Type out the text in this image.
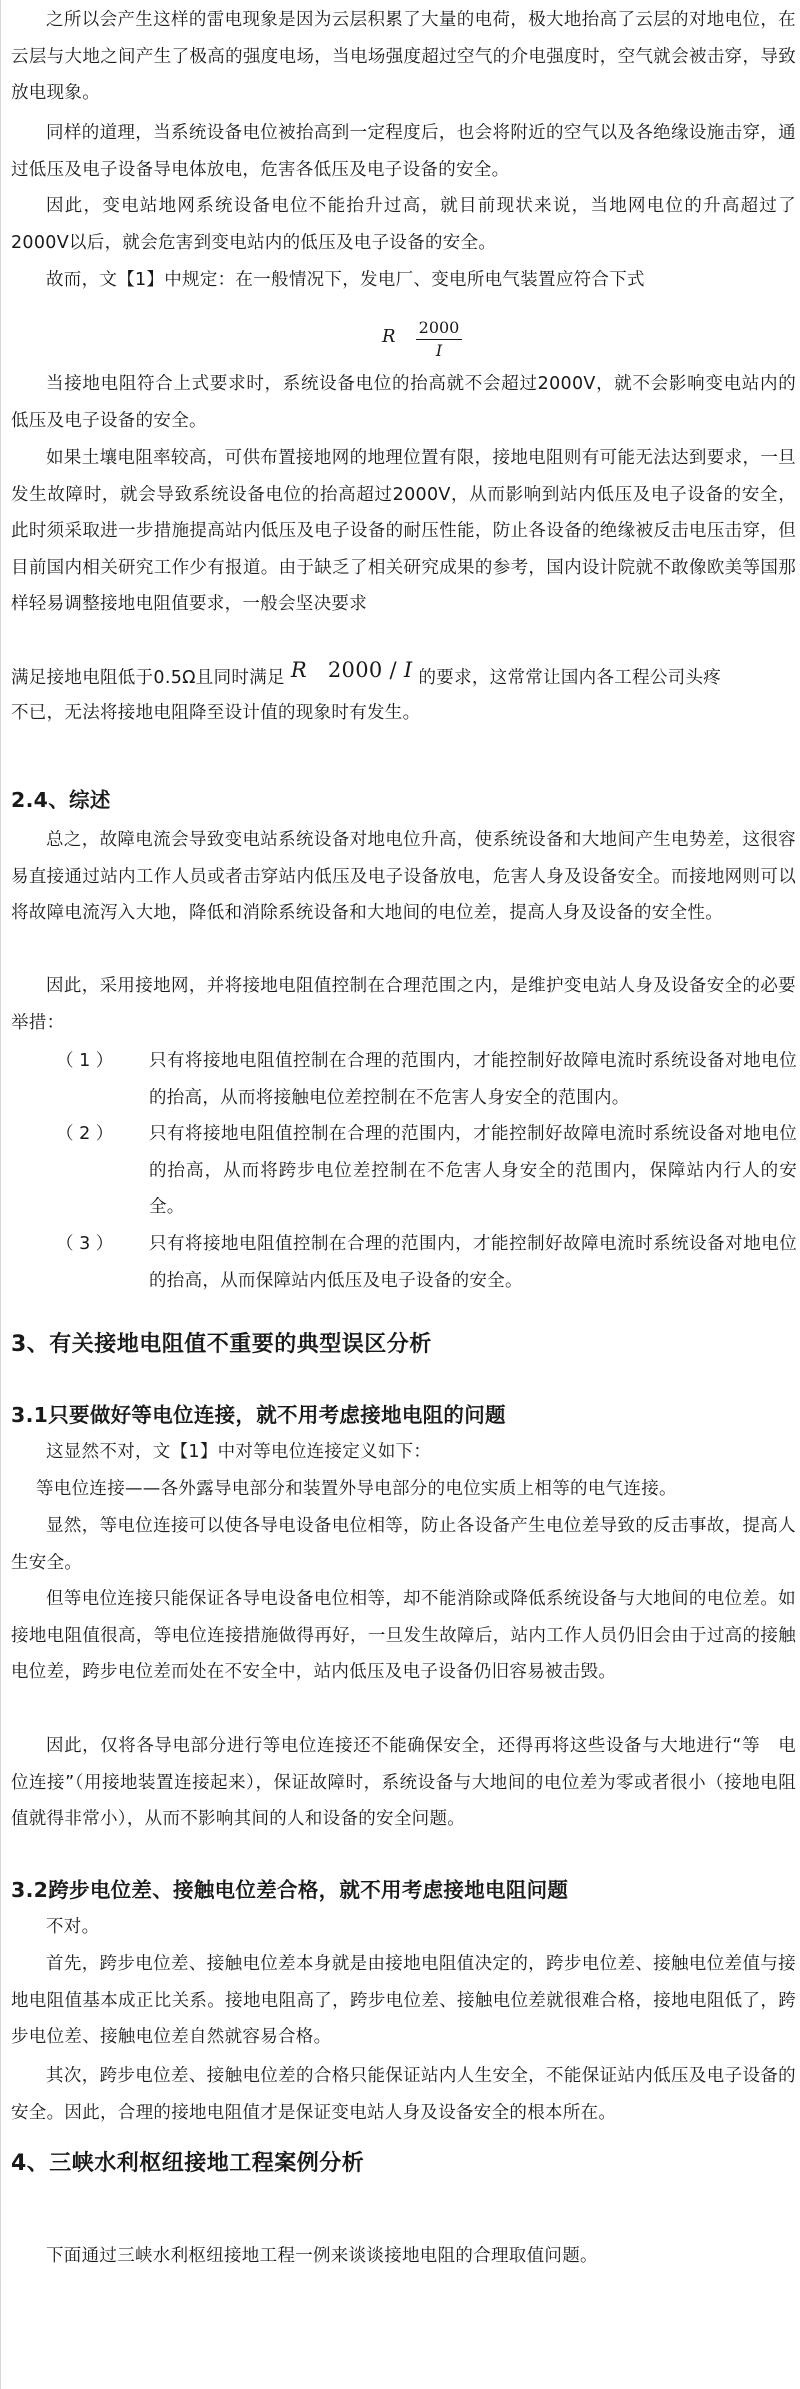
之所以会产生这样的雷电现象是因为云层积累了大量的电荷，极大地抬高了云层的对地电位，在云层与大地之间产生了极高的强度电场，当电场强度超过空气的介电强度时，空气就会被击穿，导致放电现象。
同样的道理，当系统设备电位被抬高到一定程度后，也会将附近的空气以及各绝缘设施击穿，通过低压及电子设备导电体放电，危害各低压及电子设备的安全。
因此，变电站地网系统设备电位不能抬升过高，就目前现状来说，当地网电位的升高超过了2000V以后，就会危害到变电站内的低压及电子设备的安全。
故而，文【1】中规定：在一般情况下，发电厂、变电所电气装置应符合下式
R 2000
I
当接地电阻符合上式要求时，系统设备电位的抬高就不会超过2000V，就不会影响变电站内的低压及电子设备的安全。
如果土壤电阻率较高，可供布置接地网的地理位置有限，接地电阻则有可能无法达到要求，一旦发生故障时，就会导致系统设备电位的抬高超过2000V，从而影响到站内低压及电子设备的安全，此时须采取进一步措施提高站内低压及电子设备的耐压性能，防止各设备的绝缘被反击电压击穿，但目前国内相关研究工作少有报道。由于缺乏了相关研究成果的参考，国内设计院就不敢像欧美等国那样轻易调整接地电阻值要求，一般会坚决要求
满足接地电阻低于0.5Ω且同时满足 R 2000 / I 的要求，这常常让国内各工程公司头疼
不已，无法将接地电阻降至设计值的现象时有发生。
2.4、综述
总之，故障电流会导致变电站系统设备对地电位升高，使系统设备和大地间产生电势差，这很容易直接通过站内工作人员或者击穿站内低压及电子设备放电，危害人身及设备安全。而接地网则可以将故障电流泻入大地，降低和消除系统设备和大地间的电位差，提高人身及设备的安全性。
因此，采用接地网，并将接地电阻值控制在合理范围之内，是维护变电站人身及设备安全的必要举措：
（ 1 ） 只有将接地电阻值控制在合理的范围内，才能控制好故障电流时系统设备对地电位的抬高，从而将接触电位差控制在不危害人身安全的范围内。
（ 2 ） 只有将接地电阻值控制在合理的范围内，才能控制好故障电流时系统设备对地电位的抬高，从而将跨步电位差控制在不危害人身安全的范围内，保障站内行人的安全。
（ 3 ） 只有将接地电阻值控制在合理的范围内，才能控制好故障电流时系统设备对地电位的抬高，从而保障站内低压及电子设备的安全。
3、有关接地电阻值不重要的典型误区分析
3.1只要做好等电位连接，就不用考虑接地电阻的问题
这显然不对，文【1】中对等电位连接定义如下：
等电位连接——各外露导电部分和装置外导电部分的电位实质上相等的电气连接。
显然，等电位连接可以使各导电设备电位相等，防止各设备产生电位差导致的反击事故，提高人生安全。
但等电位连接只能保证各导电设备电位相等，却不能消除或降低系统设备与大地间的电位差。如接地电阻值很高，等电位连接措施做得再好，一旦发生故障后，站内工作人员仍旧会由于过高的接触电位差，跨步电位差而处在不安全中，站内低压及电子设备仍旧容易被击毁。
因此，仅将各导电部分进行等电位连接还不能确保安全，还得再将这些设备与大地进行“等　电位连接”（用接地装置连接起来），保证故障时，系统设备与大地间的电位差为零或者很小（接地电阻值就得非常小），从而不影响其间的人和设备的安全问题。
3.2跨步电位差、接触电位差合格，就不用考虑接地电阻问题
不对。
首先，跨步电位差、接触电位差本身就是由接地电阻值决定的，跨步电位差、接触电位差值与接地电阻值基本成正比关系。接地电阻高了，跨步电位差、接触电位差就很难合格，接地电阻低了，跨步电位差、接触电位差自然就容易合格。
其次，跨步电位差、接触电位差的合格只能保证站内人生安全，不能保证站内低压及电子设备的安全。因此，合理的接地电阻值才是保证变电站人身及设备安全的根本所在。
4、三峡水利枢纽接地工程案例分析
下面通过三峡水利枢纽接地工程一例来谈谈接地电阻的合理取值问题。
